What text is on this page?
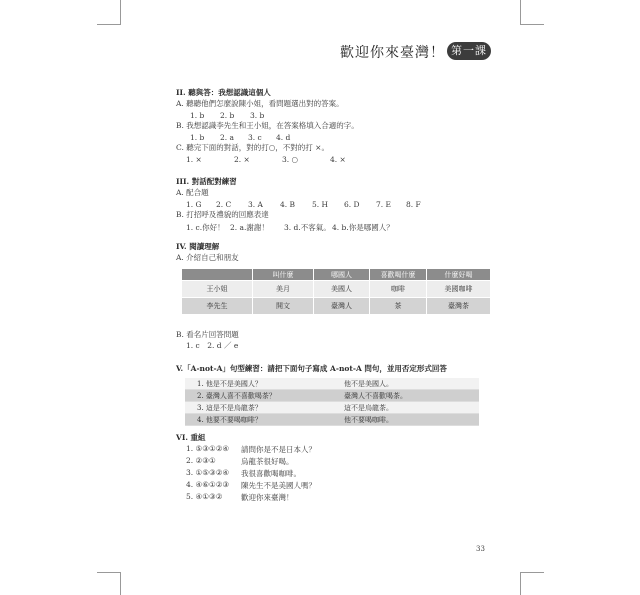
歡迎你來臺灣！ 第一課
II. 聽與答：我想認識這個人
A. 聽聽他們怎麼說陳小姐，看問題選出對的答案。
1. b 2. b 3. b
B. 我想認識李先生和王小姐，在答案格填入合適的字。
1. b 2. a 3. c 4. d
C. 聽完下面的對話，對的打○，不對的打 ×。
1. ×	2. ×	3. ○	4. ×
III. 對話配對練習
A. 配合題
1. G 2. C 3. A 4. B 5. H 6. D 7. E 8. F
B. 打招呼及禮貌的回應表達
1. c.你好！ 2. a.謝謝！ 3. d.不客氣。 4. b.你是哪國人？
IV. 閱讀理解
A. 介紹自己和朋友
	叫什麼	哪國人	喜歡喝什麼	什麼好喝
王小姐	美月	美國人	咖啡	美國咖啡
李先生	開文	臺灣人	茶	臺灣茶
B. 看名片回答問題
1. c　2. d ／ e
V.「A-not-A」句型練習：請把下面句子寫成 A-not-A 問句，並用否定形式回答
1. 他是不是美國人？	他不是美國人。
2. 臺灣人喜不喜歡喝茶？	臺灣人不喜歡喝茶。
3. 這是不是烏龍茶？	這不是烏龍茶。
4. 他要不要喝咖啡？	他不要喝咖啡。
VI. 重組
1. ⑤③①②④ 請問你是不是日本人？
2. ②③①	烏龍茶很好喝。
3. ①⑤③②④ 我很喜歡喝咖啡。
4. ④⑥①②③ 陳先生不是美國人嗎？
5. ④①③② 歡迎你來臺灣！
33
